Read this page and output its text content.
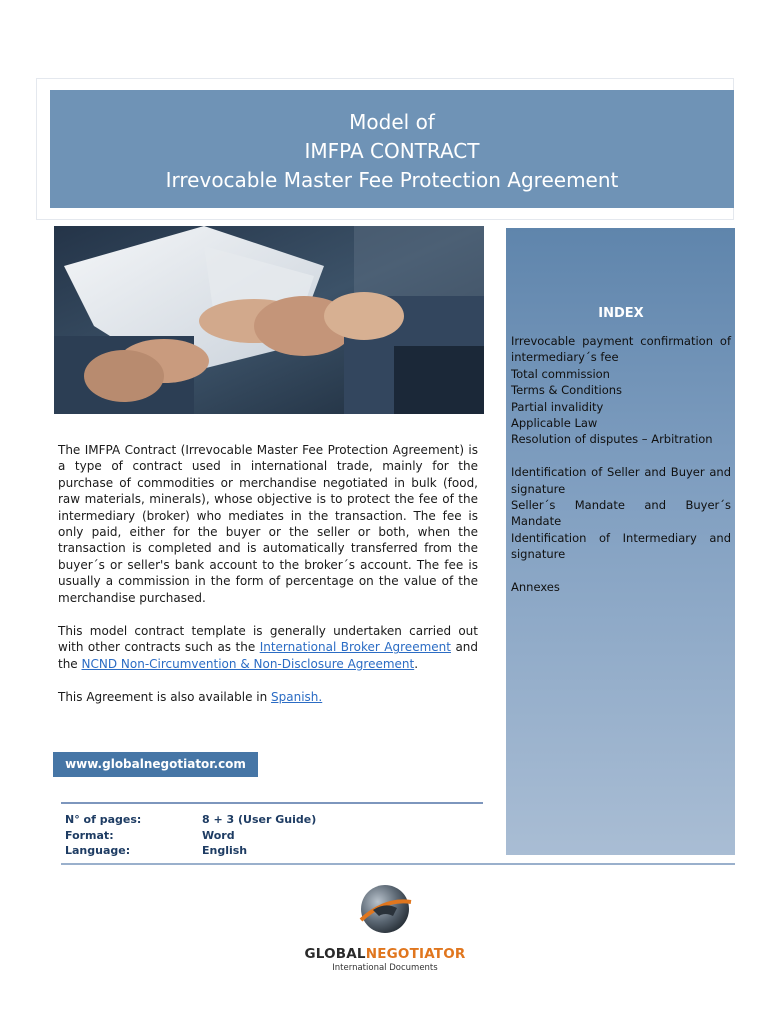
Model of
IMFPA CONTRACT
Irrevocable Master Fee Protection Agreement

The IMFPA Contract (Irrevocable Master Fee Protection Agreement) is a type of contract used in international trade, mainly for the purchase of commodities or merchandise negotiated in bulk (food, raw materials, minerals), whose objective is to protect the fee of the intermediary (broker) who mediates in the transaction. The fee is only paid, either for the buyer or the seller or both, when the transaction is completed and is automatically transferred from the buyer´s or seller's bank account to the broker´s account. The fee is usually a commission in the form of percentage on the value of the merchandise purchased.

This model contract template is generally undertaken carried out with other contracts such as the International Broker Agreement and the NCND Non-Circumvention & Non-Disclosure Agreement.

This Agreement is also available in Spanish.

www.globalnegotiator.com
N° of pages:	8 + 3 (User Guide)
Format:	Word
Language:	English
INDEX
Irrevocable payment confirmation of intermediary´s fee
Total commission
Terms & Conditions
Partial invalidity
Applicable Law
Resolution of disputes – Arbitration
Identification of Seller and Buyer and signature
Seller´s Mandate and Buyer´s Mandate
Identification of Intermediary and signature
Annexes
GLOBALNEGOTIATOR
International Documents
